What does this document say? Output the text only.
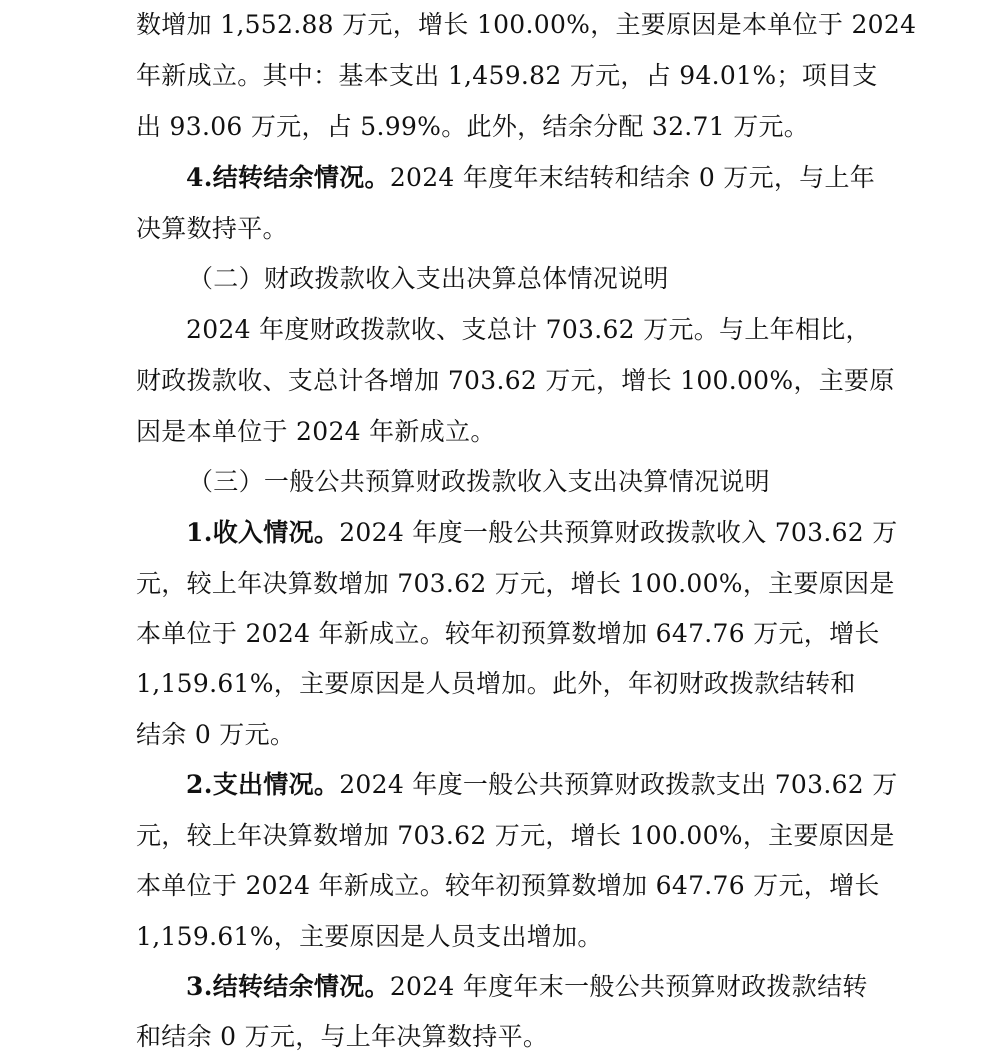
数增加 1,552.88 万元，增长 100.00%，主要原因是本单位于 2024
年新成立。其中：基本支出 1,459.82 万元，占 94.01%；项目支
出 93.06 万元，占 5.99%。此外，结余分配 32.71 万元。
4.结转结余情况。2024 年度年末结转和结余 0 万元，与上年
决算数持平。
（二）财政拨款收入支出决算总体情况说明
2024 年度财政拨款收、支总计 703.62 万元。与上年相比，
财政拨款收、支总计各增加 703.62 万元，增长 100.00%，主要原
因是本单位于 2024 年新成立。
（三）一般公共预算财政拨款收入支出决算情况说明
1.收入情况。2024 年度一般公共预算财政拨款收入 703.62 万
元，较上年决算数增加 703.62 万元，增长 100.00%，主要原因是
本单位于 2024 年新成立。较年初预算数增加 647.76 万元，增长
1,159.61%，主要原因是人员增加。此外，年初财政拨款结转和
结余 0 万元。
2.支出情况。2024 年度一般公共预算财政拨款支出 703.62 万
元，较上年决算数增加 703.62 万元，增长 100.00%，主要原因是
本单位于 2024 年新成立。较年初预算数增加 647.76 万元，增长
1,159.61%，主要原因是人员支出增加。
3.结转结余情况。2024 年度年末一般公共预算财政拨款结转
和结余 0 万元，与上年决算数持平。
